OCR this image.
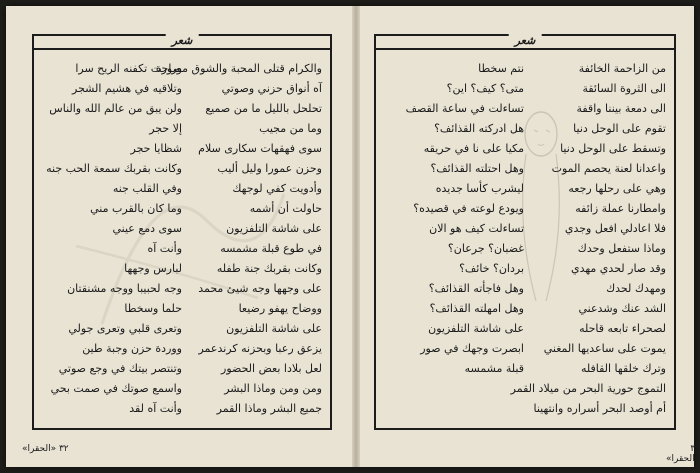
شعر
والكرام قتلى المحبة والشوق مصورة
آه أنواق حزني وصوتي
تحلحل بالليل ما من صميع
وما من مجيب
سوى فهقهات سكارى سلام
وحزن عمورا وليل أليب
وأدويت كفي لوجهك
حاولت أن أشمه
على شاشة التلفزيون
في طوع قبلة مشمسه
وكانت بقربك جنة طفله
على وجهها وجه شيئ محمد
ووضاح يهفو رضيعا
على شاشة التلفزيون
يزعق رعبا وبحزنه كرندعمر
لعل بلادا بعض الحضور
ومن ومن وماذا البشر
جميع البشر وماذا القمر
وراحت تكفنه الريح سرا
وتلاقيه في هشيم الشجر
ولن يبق من عالم الله والناس
إلا حجر
شظايا حجر
وكانت بقربك سمعة الحب جنه
وفي القلب جنه
وما كان بالقرب مني
سوى دمع عيني
وأنت آه
لبارس وجهها
وجه لحبيبا ووجه مشنقتان
حلما وسخطا
وتعرى قلبي وتعرى جولي
ووردة حزن وجبة طين
وتنتصر بيتك في وجع صوتي
واسمع صوتك في صمت بحي
وأنت آه لقد
٣٢ «الحقرا»
شعر
من الزاحمة الخائفة
الى الثروة السائقة
الى دمعة بيننا واقفة
تقوم على الوحل دنيا
وتسقط على الوحل دنيا
واعدانا لعنة يحصم الموت
وهي على رحلها رجعه
وامطارنا عملة زائفه
فلا اعادلي افعل وجدي
وماذا ستفعل وحدك
وقد صار لحدي مهدي
ومهدك لحدك
الشد عنك وشدعني
لصحراء تابعه قاحله
يموت على ساعديها المغني
وترك خلقها القافله
التموج حورية البحر من ميلاد القمر
أم أوصد البحر أسراره وانتهينا
نتم سخطا
متى؟ كيف؟ اين؟
تساءلت في ساعة القصف
هل ادركته القذائف؟
مكيا على نا في حريقه
وهل احتلته القذائف؟
ليشرب كأسا جديده
ويودع لوعته في قصيده؟
تساءلت كيف هو الان
غضبان؟ جرعان؟
بردان؟ خائف؟
وهل فاجأته القذائف؟
وهل امهلته القذائف؟
على شاشة التلفزيون
ابصرت وجهك في صور
قبلة مشمسه
٣٢ «الحقرا»
